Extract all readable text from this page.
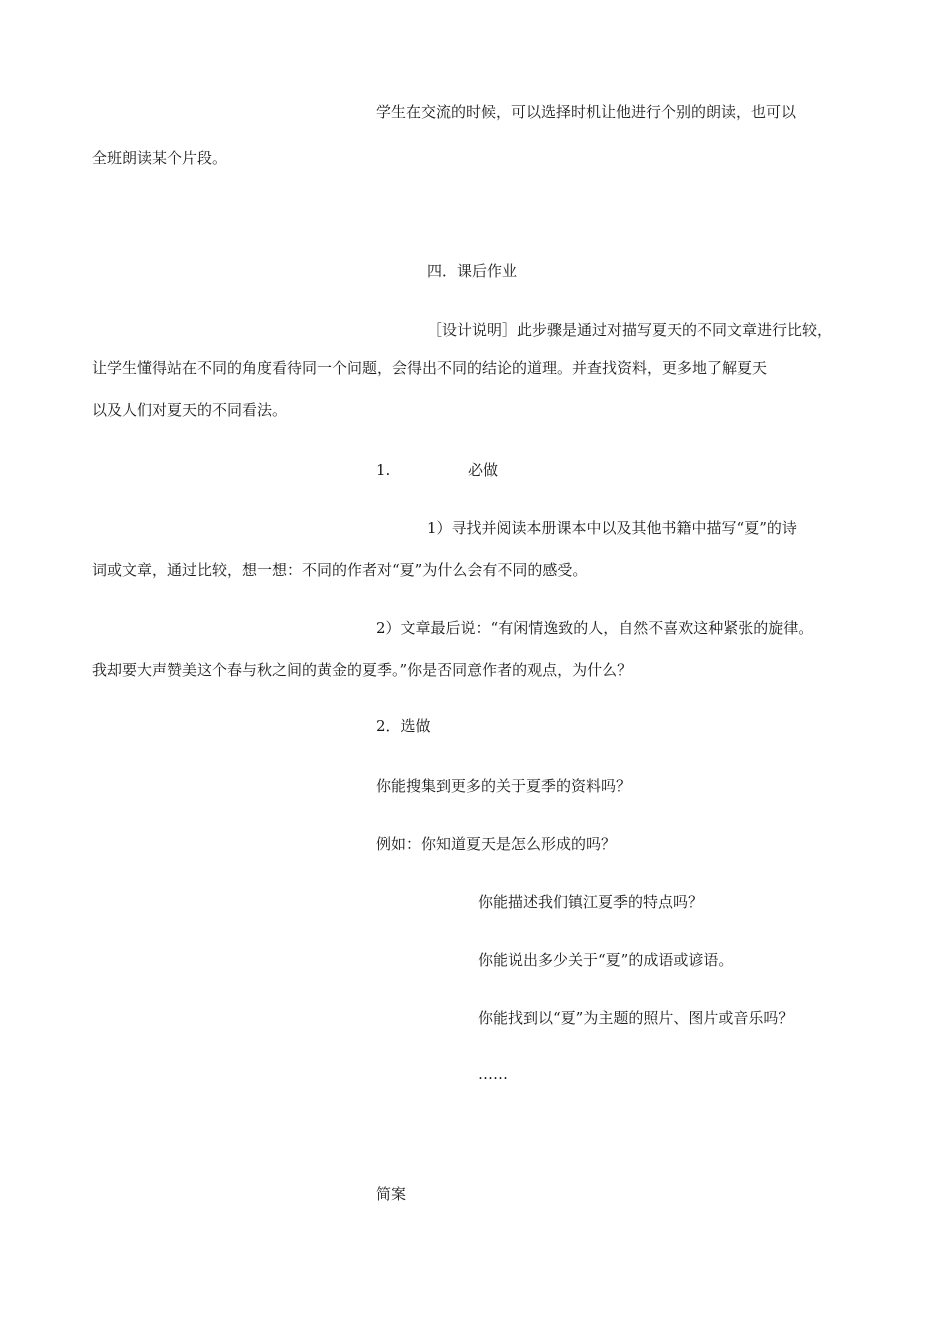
学生在交流的时候，可以选择时机让他进行个别的朗读，也可以
全班朗读某个片段。
四．课后作业
［设计说明］此步骤是通过对描写夏天的不同文章进行比较，
让学生懂得站在不同的角度看待同一个问题，会得出不同的结论的道理。并查找资料，更多地了解夏天
以及人们对夏天的不同看法。
1.	必做
1）寻找并阅读本册课本中以及其他书籍中描写“夏”的诗
词或文章，通过比较，想一想：不同的作者对“夏”为什么会有不同的感受。
2）文章最后说：“有闲情逸致的人，自然不喜欢这种紧张的旋律。
我却要大声赞美这个春与秋之间的黄金的夏季。”你是否同意作者的观点，为什么？
2．选做
你能搜集到更多的关于夏季的资料吗？
例如：你知道夏天是怎么形成的吗？
你能描述我们镇江夏季的特点吗？
你能说出多少关于“夏”的成语或谚语。
你能找到以“夏”为主题的照片、图片或音乐吗？
……
简案
